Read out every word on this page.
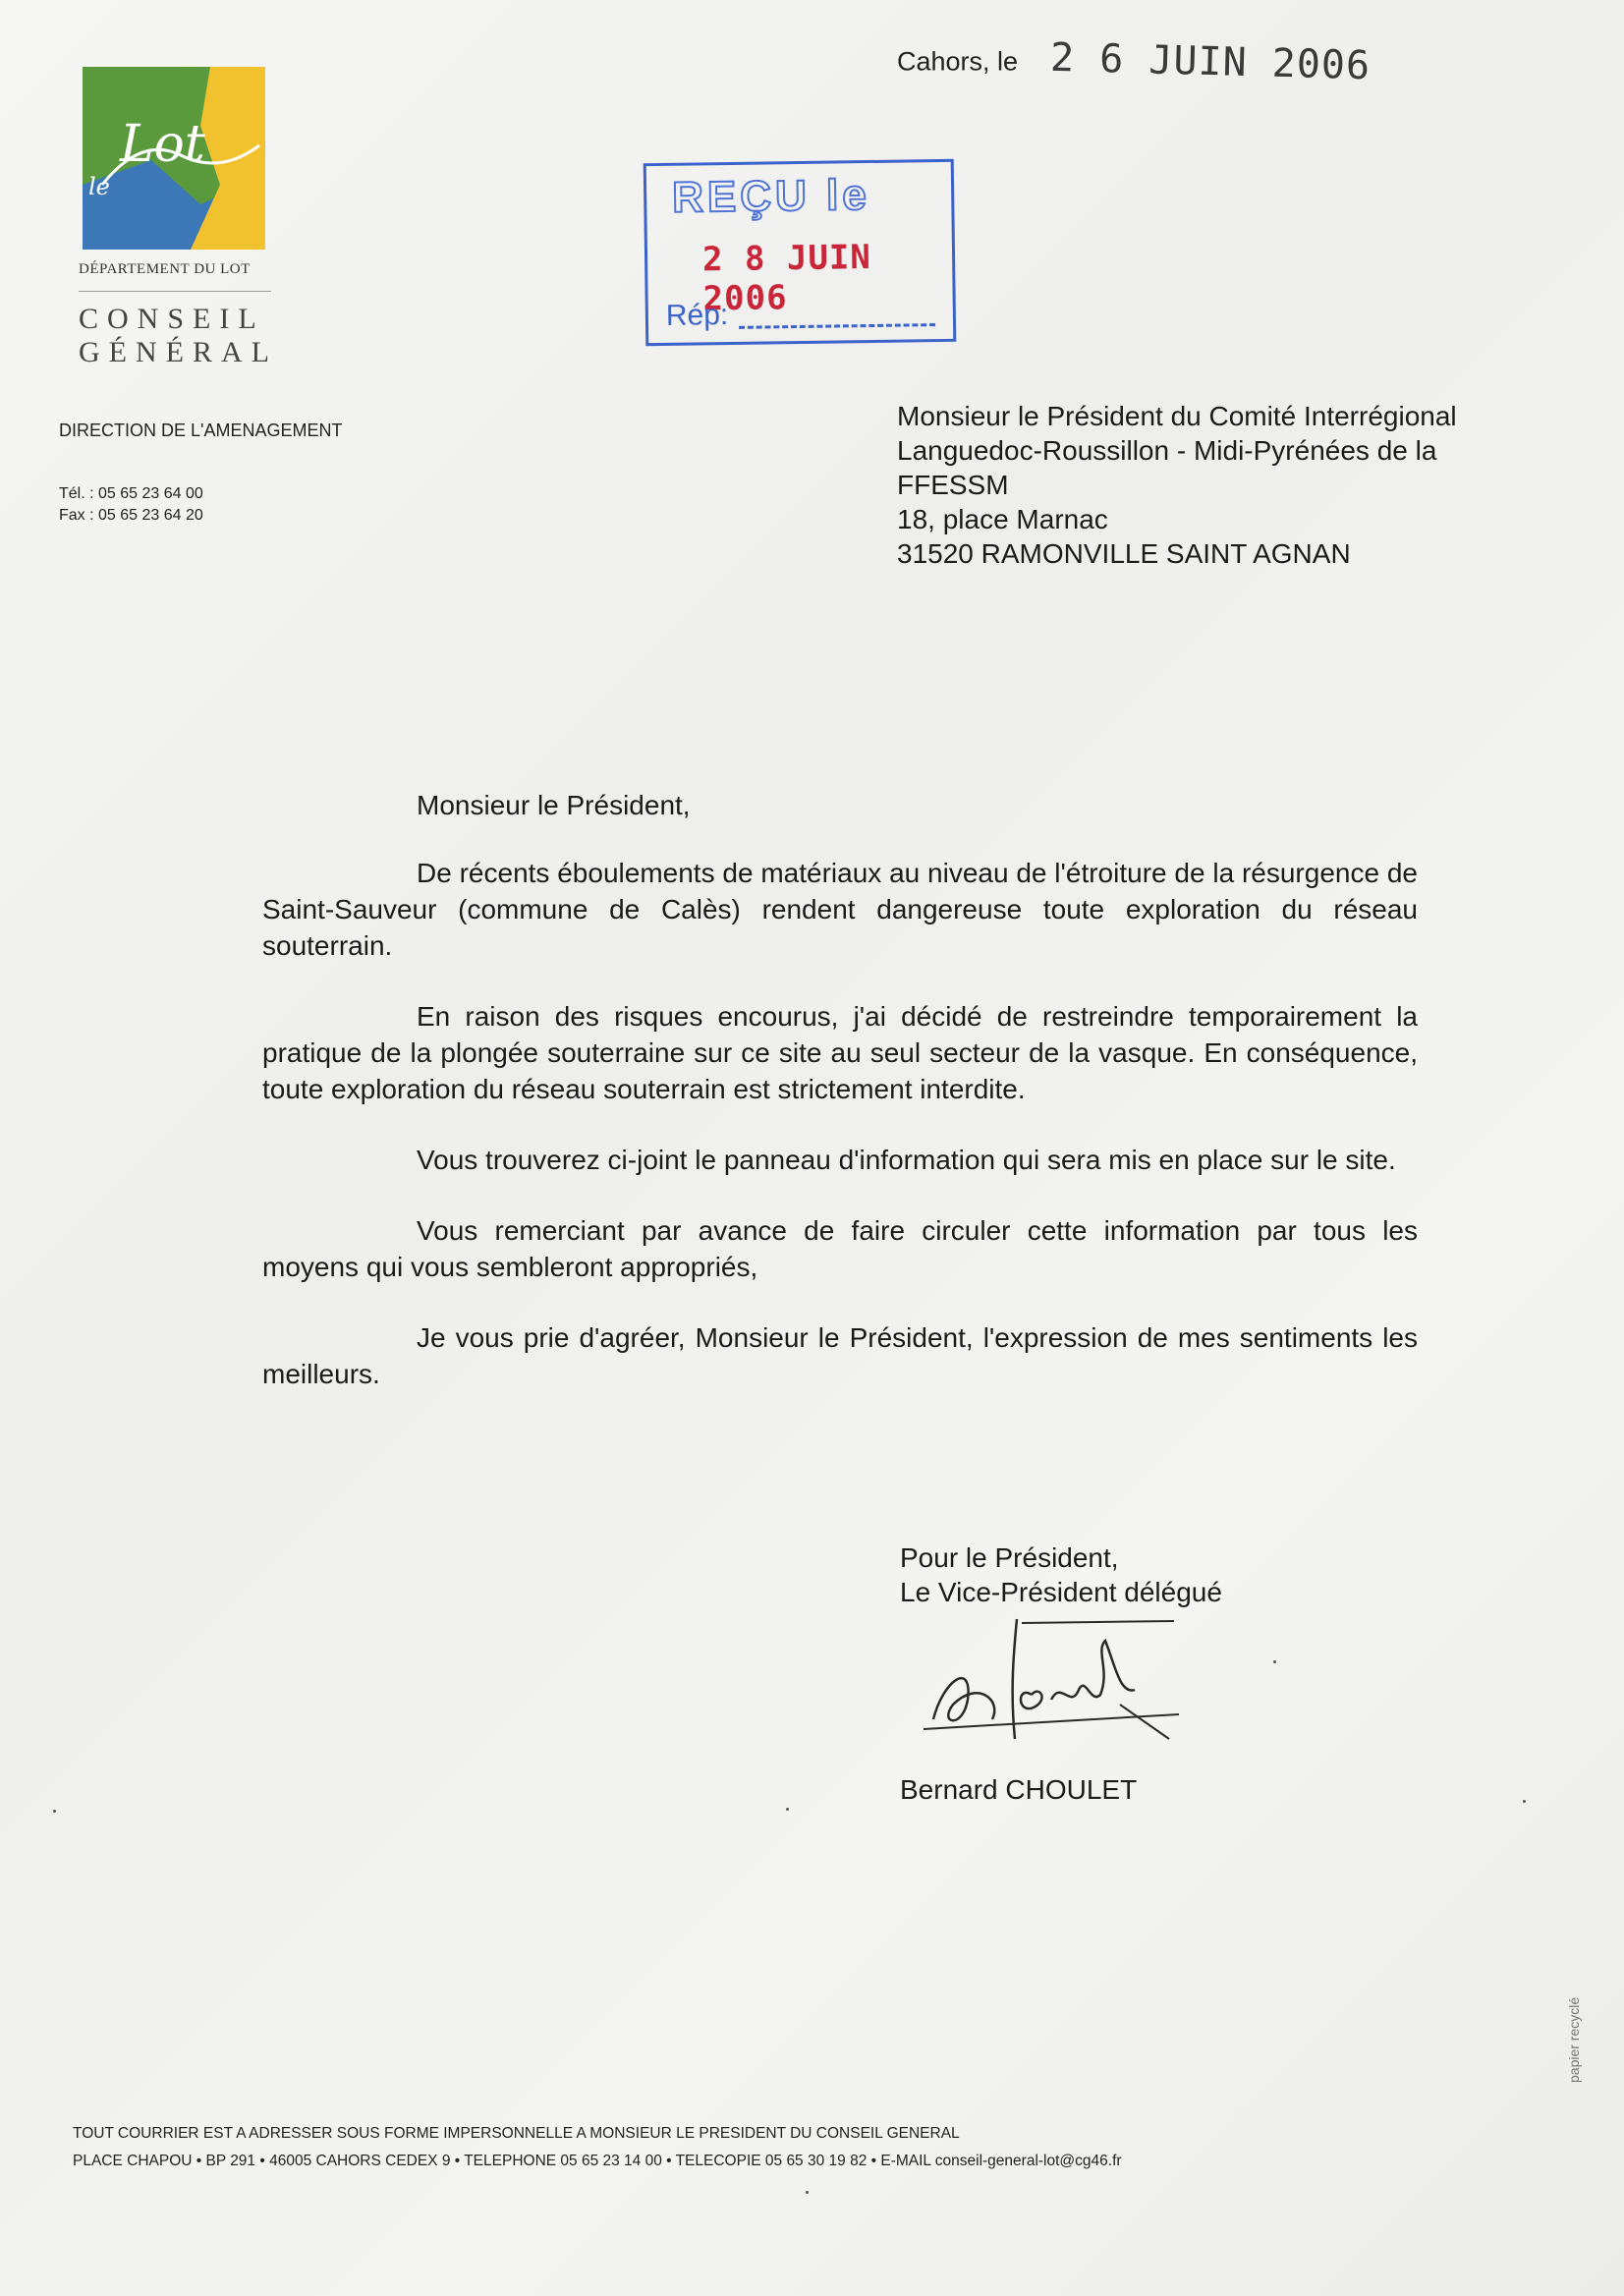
Lot
le
DÉPARTEMENT DU LOT
CONSEIL
GÉNÉRAL
DIRECTION DE L'AMENAGEMENT
Tél. : 05 65 23 64 00
Fax : 05 65 23 64 20
Cahors, le 2 6 JUIN 2006
REÇU le
2 8 JUIN 2006
Rép:
Monsieur le Président du Comité Interrégional
Languedoc-Roussillon - Midi-Pyrénées de la
FFESSM
18, place Marnac
31520 RAMONVILLE SAINT AGNAN
Monsieur le Président,

De récents éboulements de matériaux au niveau de l'étroiture de la résurgence de Saint-Sauveur (commune de Calès) rendent dangereuse toute exploration du réseau souterrain.

En raison des risques encourus, j'ai décidé de restreindre temporairement la pratique de la plongée souterraine sur ce site au seul secteur de la vasque. En conséquence, toute exploration du réseau souterrain est strictement interdite.

Vous trouverez ci-joint le panneau d'information qui sera mis en place sur le site.

Vous remerciant par avance de faire circuler cette information par tous les moyens qui vous sembleront appropriés,

Je vous prie d'agréer, Monsieur le Président, l'expression de mes sentiments les meilleurs.

Pour le Président,
Le Vice-Président délégué
Bernard CHOULET
papier recyclé
TOUT COURRIER EST A ADRESSER SOUS FORME IMPERSONNELLE A MONSIEUR LE PRESIDENT DU CONSEIL GENERAL
PLACE CHAPOU • BP 291 • 46005 CAHORS CEDEX 9 • TELEPHONE 05 65 23 14 00 • TELECOPIE 05 65 30 19 82 • E-MAIL conseil-general-lot@cg46.fr
